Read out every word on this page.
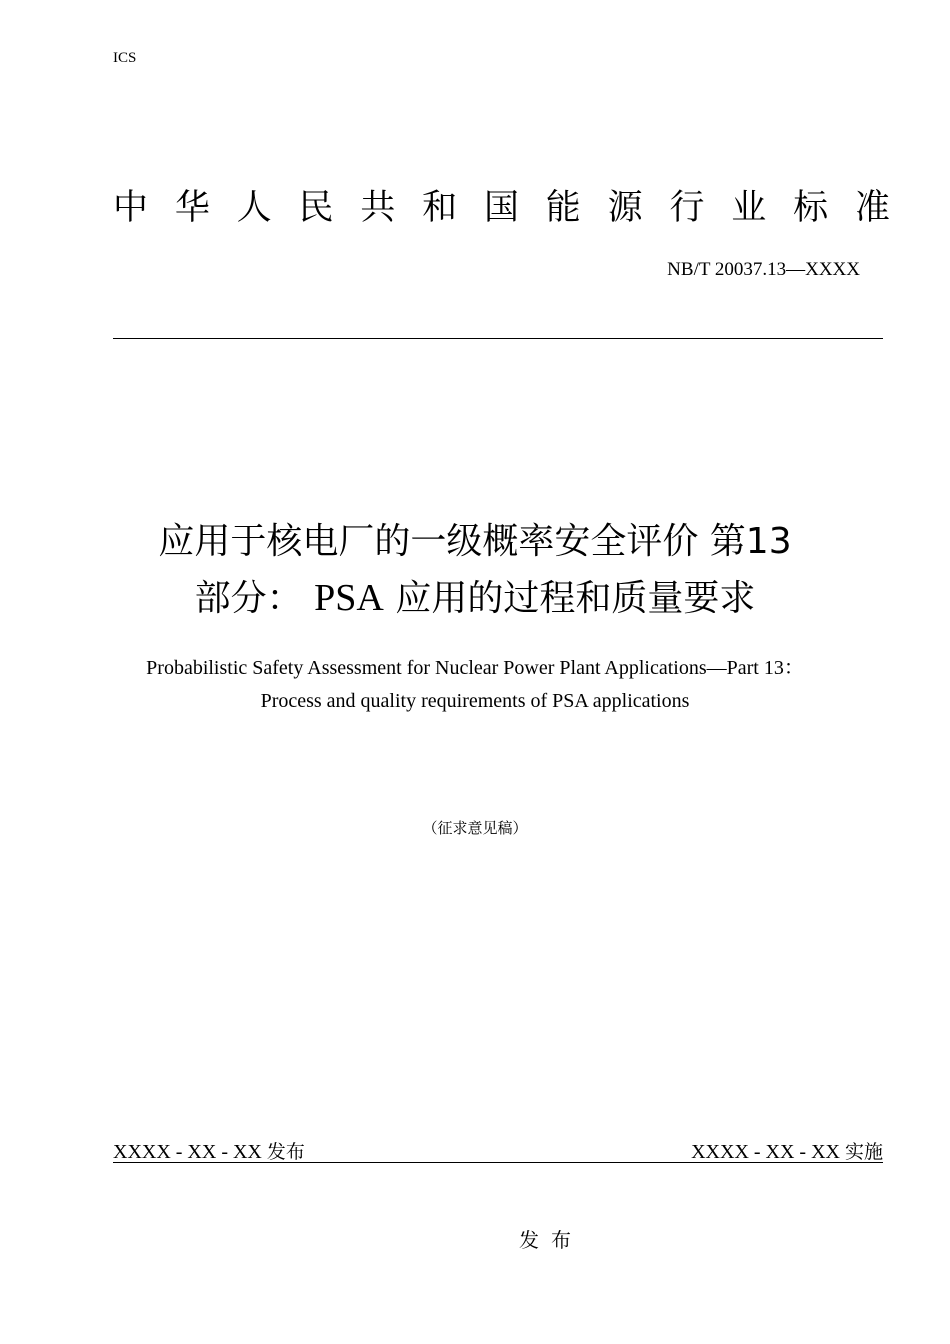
ICS
中 华 人 民 共 和 国 能 源 行 业 标 准
NB/T 20037.13—XXXX
应用于核电厂的一级概率安全评价 第13
部分： PSA 应用的过程和质量要求
Probabilistic Safety Assessment for Nuclear Power Plant Applications—Part 13：
Process and quality requirements of PSA applications
（征求意见稿）
XXXX - XX - XX 发布	XXXX - XX - XX 实施
发布
